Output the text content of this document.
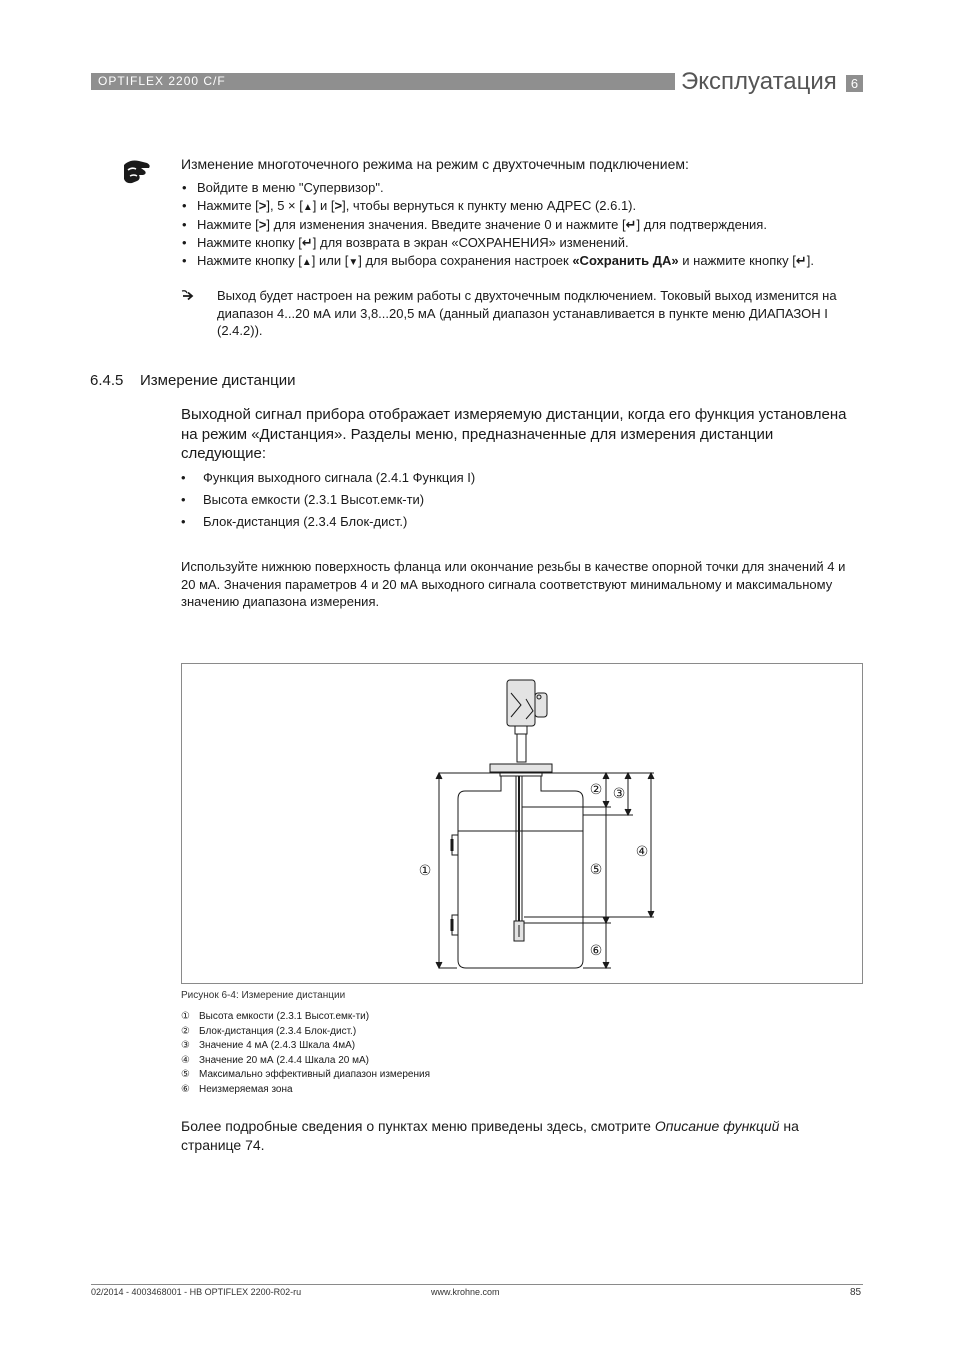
OPTIFLEX 2200 C/F	Эксплуатация	6
Изменение многоточечного режима на режим с двухточечным подключением:
• Войдите в меню "Супервизор".
• Нажмите [>], 5 × [▲] и [>], чтобы вернуться к пункту меню АДРЕС (2.6.1).
• Нажмите [>] для изменения значения. Введите значение 0 и нажмите [↵] для подтверждения.
• Нажмите кнопку [↵] для возврата в экран «СОХРАНЕНИЯ» изменений.
• Нажмите кнопку [▲] или [▼] для выбора сохранения настроек «Сохранить ДА» и нажмите кнопку [↵].
Выход будет настроен на режим работы с двухточечным подключением. Токовый выход изменится на диапазон 4...20 мА или 3,8...20,5 мА (данный диапазон устанавливается в пункте меню ДИАПАЗОН I (2.4.2)).
6.4.5 Измерение дистанции
Выходной сигнал прибора отображает измеряемую дистанции, когда его функция установлена на режим «Дистанция». Разделы меню, предназначенные для измерения дистанции следующие:
• Функция выходного сигнала (2.4.1 Функция I)
• Высота емкости (2.3.1 Высот.емк-ти)
• Блок-дистанция (2.3.4 Блок-дист.)
Используйте нижнюю поверхность фланца или окончание резьбы в качестве опорной точки для значений 4 и 20 мА. Значения параметров 4 и 20 мА выходного сигнала соответствуют минимальному и максимальному значению диапазона измерения.
①
② ③
④
⑤
⑥
Рисунок 6-4: Измерение дистанции
① Высота емкости (2.3.1 Высот.емк-ти)
② Блок-дистанция (2.3.4 Блок-дист.)
③ Значение 4 мА (2.4.3 Шкала 4мА)
④ Значение 20 мА (2.4.4 Шкала 20 мА)
⑤ Максимально эффективный диапазон измерения
⑥ Неизмеряемая зона
Более подробные сведения о пунктах меню приведены здесь, смотрите Описание функций на странице 74.
02/2014 - 4003468001 - HB OPTIFLEX 2200-R02-ru	www.krohne.com	85
